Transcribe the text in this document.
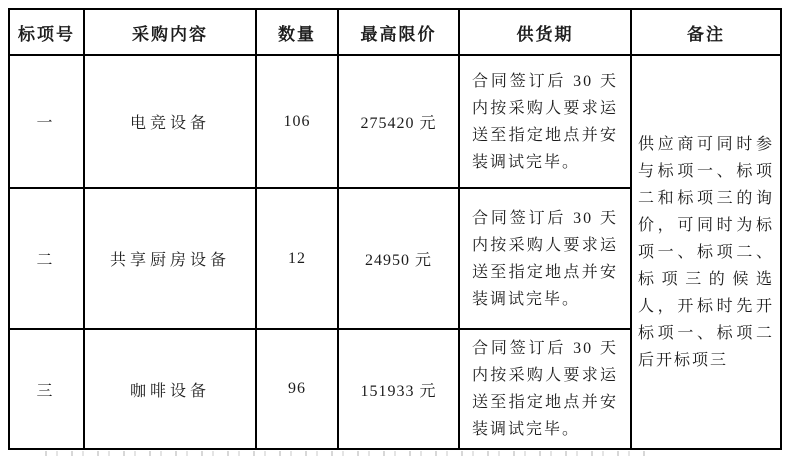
标项号	采购内容	数量	最高限价	供货期	备注
一	电竞设备	106	275420 元	合同签订后 30 天内按采购人要求运送至指定地点并安装调试完毕。	供应商可同时参与标项一、标项二和标项三的询价，可同时为标项一、标项二、标项三的候选人，开标时先开标项一、标项二后开标项三
二	共享厨房设备	12	24950 元	合同签订后 30 天内按采购人要求运送至指定地点并安装调试完毕。	
三	咖啡设备	96	151933 元	合同签订后 30 天内按采购人要求运送至指定地点并安装调试完毕。	
